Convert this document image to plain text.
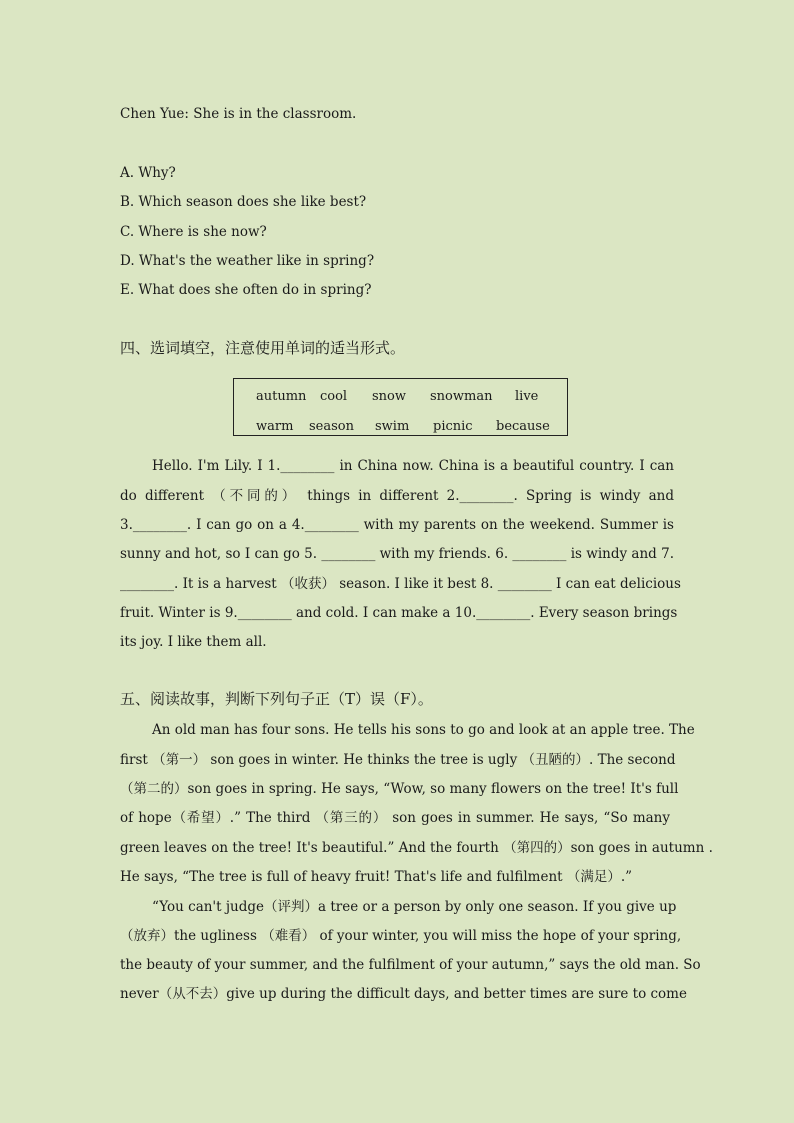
Chen Yue: She is in the classroom.
A. Why?
B. Which season does she like best?
C. Where is she now?
D. What's the weather like in spring?
E. What does she often do in spring?
四、选词填空，注意使用单词的适当形式。
autumn cool snow snowman live
warm season swim picnic because
Hello. I'm Lily. I 1.________ in China now. China is a beautiful country. I can
do different （不同的） things in different 2.________. Spring is windy and
3.________. I can go on a 4.________ with my parents on the weekend. Summer is
sunny and hot, so I can go 5. ________ with my friends. 6. ________ is windy and 7.
________. It is a harvest （收获） season. I like it best 8. ________ I can eat delicious
fruit. Winter is 9.________ and cold. I can make a 10.________. Every season brings
its joy. I like them all.
五、阅读故事，判断下列句子正（T）误（F）。
An old man has four sons. He tells his sons to go and look at an apple tree. The
first （第一） son goes in winter. He thinks the tree is ugly （丑陋的）. The second
（第二的）son goes in spring. He says, “Wow, so many flowers on the tree! It's full
of hope（希望）.” The third （第三的） son goes in summer. He says, “So many
green leaves on the tree! It's beautiful.” And the fourth （第四的）son goes in autumn .
He says, “The tree is full of heavy fruit! That's life and fulfilment （满足）.”
“You can't judge（评判）a tree or a person by only one season. If you give up
（放弃）the ugliness （难看） of your winter, you will miss the hope of your spring,
the beauty of your summer, and the fulfilment of your autumn,” says the old man. So
never（从不去）give up during the difficult days, and better times are sure to come
